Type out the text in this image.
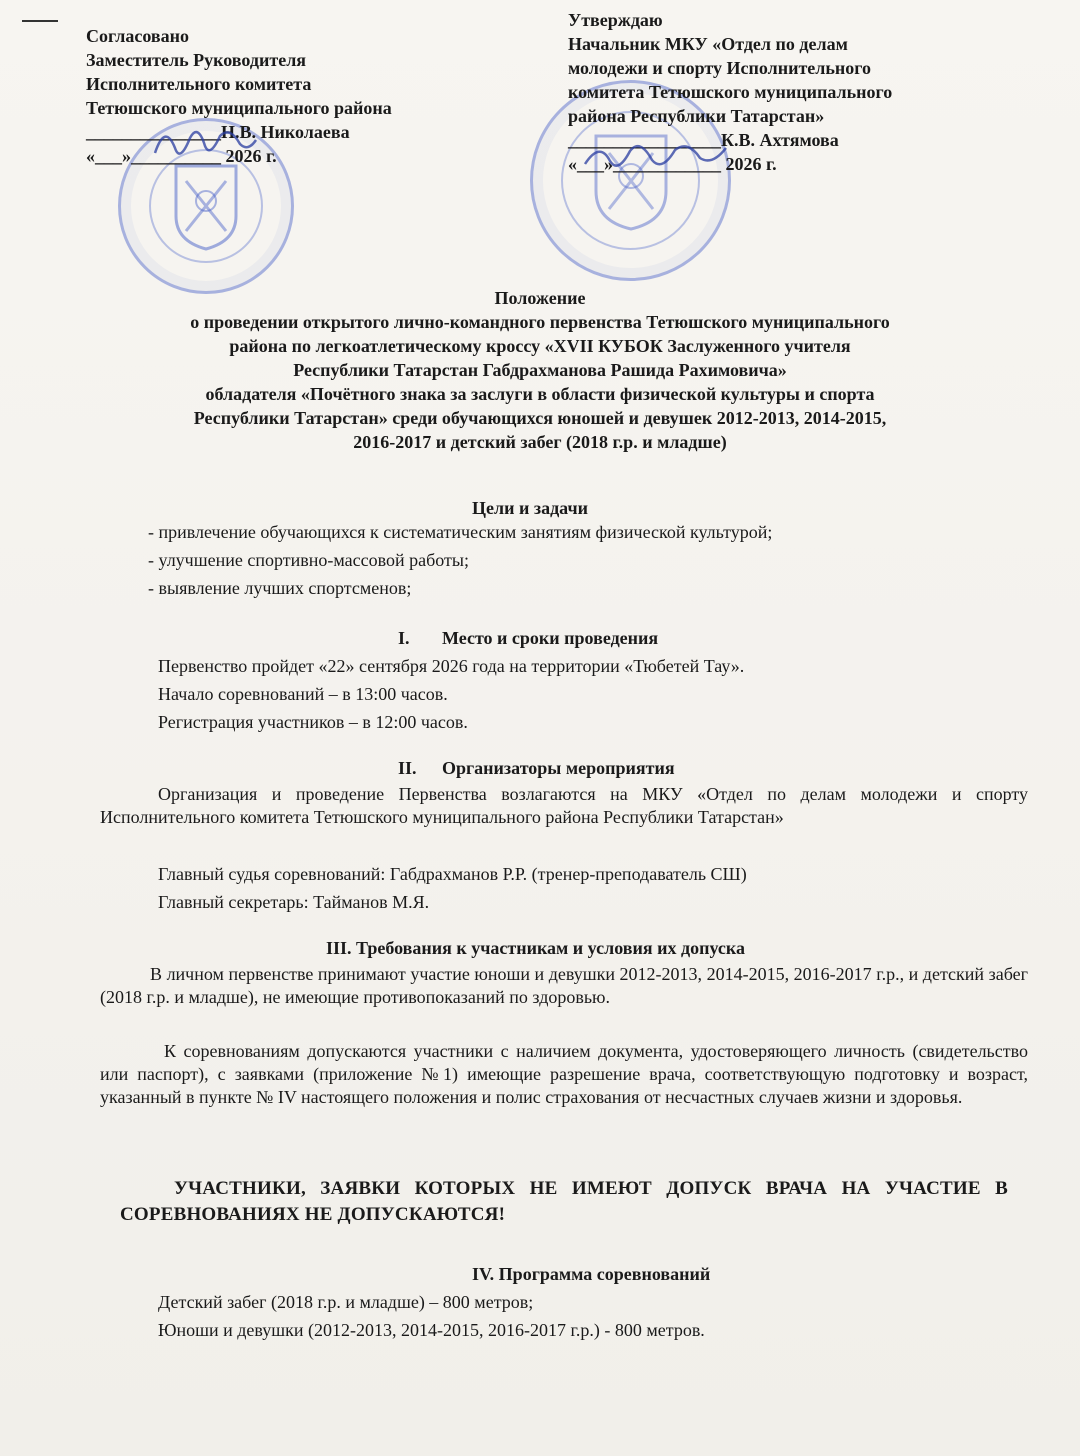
Согласовано
Заместитель Руководителя
Исполнительного комитета
Тетюшского муниципального района
_______________Н.В. Николаева
«___»__________ 2026 г.
Утверждаю
Начальник МКУ «Отдел по делам
молодежи и спорту Исполнительного
комитета Тетюшского муниципального
района Республики Татарстан»
_________________К.В. Ахтямова
«___»____________ 2026 г.
Положение
о проведении открытого лично-командного первенства Тетюшского муниципального
района по легкоатлетическому кроссу «XVII КУБОК Заслуженного учителя
Республики Татарстан Габдрахманова Рашида Рахимовича»
обладателя «Почётного знака за заслуги в области физической культуры и спорта
Республики Татарстан» среди обучающихся юношей и девушек 2012-2013, 2014-2015,
2016-2017 и детский забег (2018 г.р. и младше)
Цели и задачи
- привлечение обучающихся к систематическим занятиям физической культурой;
- улучшение спортивно-массовой работы;
- выявление лучших спортсменов;
I. Место и сроки проведения
Первенство пройдет «22» сентября 2026 года на территории «Тюбетей Тау».
Начало соревнований – в 13:00 часов.
Регистрация участников – в 12:00 часов.
II. Организаторы мероприятия
Организация и проведение Первенства возлагаются на МКУ «Отдел по делам молодежи и спорту Исполнительного комитета Тетюшского муниципального района Республики Татарстан»
Главный судья соревнований: Габдрахманов Р.Р. (тренер-преподаватель СШ)
Главный секретарь: Тайманов М.Я.
III. Требования к участникам и условия их допуска
В личном первенстве принимают участие юноши и девушки 2012-2013, 2014-2015, 2016-2017 г.р., и детский забег (2018 г.р. и младше), не имеющие противопоказаний по здоровью.
К соревнованиям допускаются участники с наличием документа, удостоверяющего личность (свидетельство или паспорт), с заявками (приложение №1) имеющие разрешение врача, соответствующую подготовку и возраст, указанный в пункте № IV настоящего положения и полис страхования от несчастных случаев жизни и здоровья.
УЧАСТНИКИ, ЗАЯВКИ КОТОРЫХ НЕ ИМЕЮТ ДОПУСК ВРАЧА НА УЧАСТИЕ В СОРЕВНОВАНИЯХ НЕ ДОПУСКАЮТСЯ!
IV. Программа соревнований
Детский забег (2018 г.р. и младше) – 800 метров;
Юноши и девушки (2012-2013, 2014-2015, 2016-2017 г.р.) - 800 метров.
